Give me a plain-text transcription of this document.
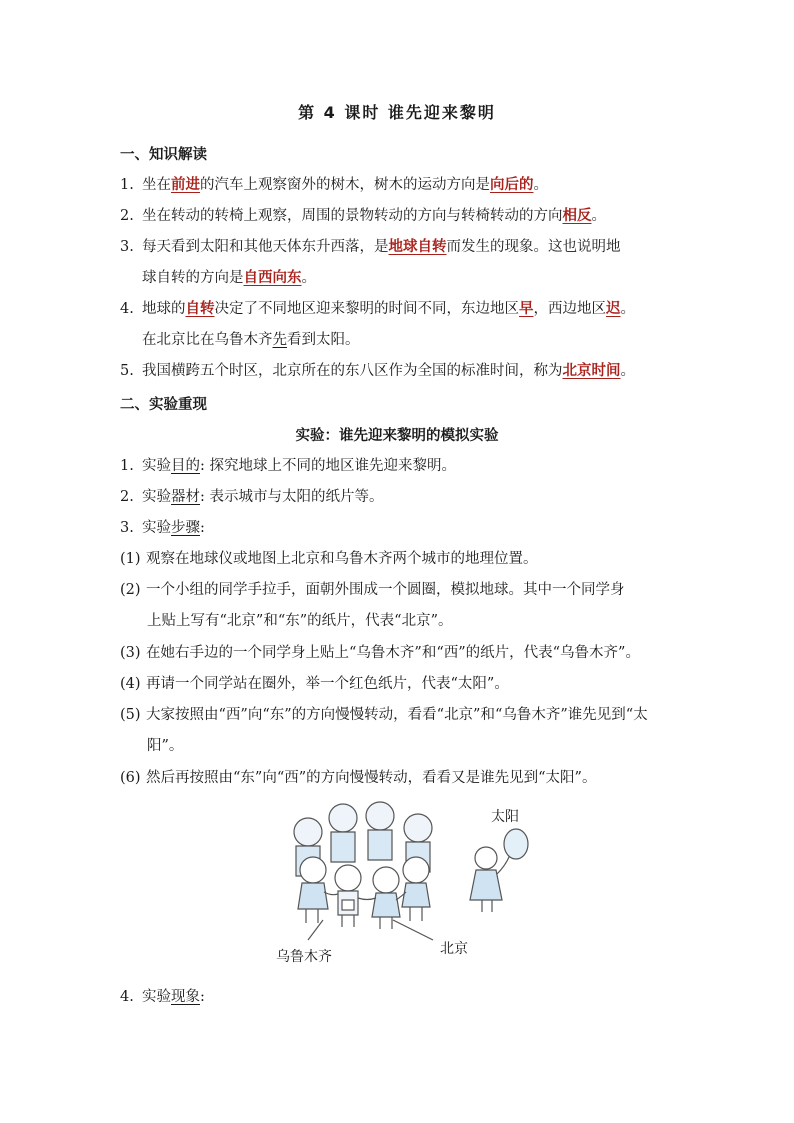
第 4 课时 谁先迎来黎明
一、知识解读
1. 坐在前进的汽车上观察窗外的树木，树木的运动方向是向后的。
2. 坐在转动的转椅上观察，周围的景物转动的方向与转椅转动的方向相反。
3. 每天看到太阳和其他天体东升西落，是地球自转而发生的现象。这也说明地
球自转的方向是自西向东。
4. 地球的自转决定了不同地区迎来黎明的时间不同，东边地区早，西边地区迟。
在北京比在乌鲁木齐先看到太阳。
5. 我国横跨五个时区，北京所在的东八区作为全国的标准时间，称为北京时间。
二、实验重现
实验：谁先迎来黎明的模拟实验
1. 实验目的: 探究地球上不同的地区谁先迎来黎明。
2. 实验器材: 表示城市与太阳的纸片等。
3. 实验步骤:
(1) 观察在地球仪或地图上北京和乌鲁木齐两个城市的地理位置。
(2) 一个小组的同学手拉手，面朝外围成一个圆圈，模拟地球。其中一个同学身
上贴上写有“北京”和“东”的纸片，代表“北京”。
(3) 在她右手边的一个同学身上贴上“乌鲁木齐”和“西”的纸片，代表“乌鲁木齐”。
(4) 再请一个同学站在圈外，举一个红色纸片，代表“太阳”。
(5) 大家按照由“西”向“东”的方向慢慢转动，看看“北京”和“乌鲁木齐”谁先见到“太
阳”。
(6) 然后再按照由“东”向“西”的方向慢慢转动，看看又是谁先见到“太阳”。
太阳
乌鲁木齐	北京
4. 实验现象:
